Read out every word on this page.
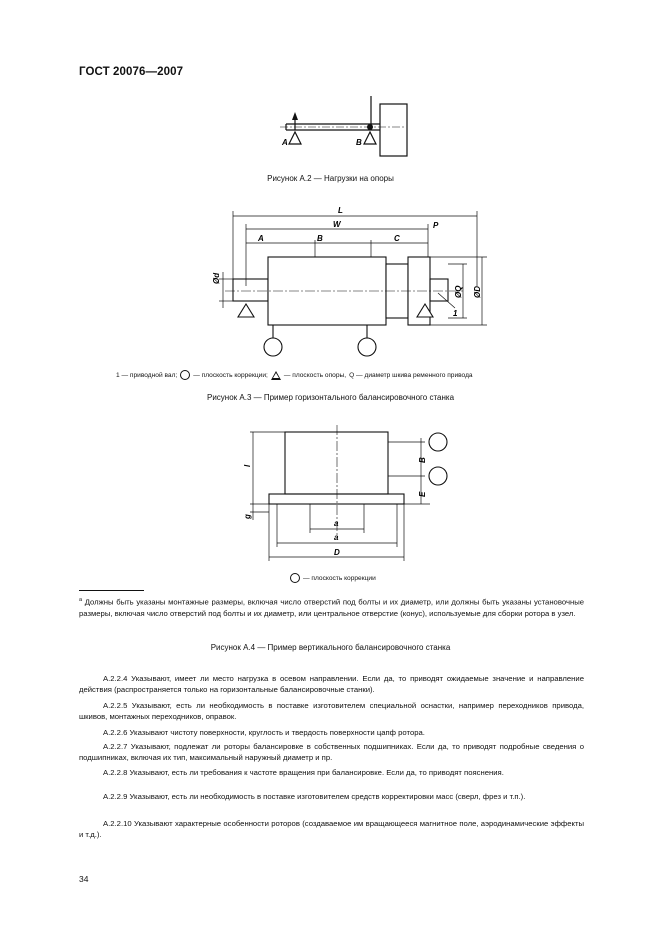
ГОСТ 20076—2007
A	B
Рисунок А.2 — Нагрузки на опоры
L
W
A	B	C
P
1
Ød
ØQ ØD
1 — приводной вал; — плоскость коррекции; — плоскость опоры, Q — диаметр шкива ременного привода
Рисунок А.3 — Пример горизонтального балансировочного станка
l
B
E
g
a
a
D
— плоскость коррекции
$^а$ Должны быть указаны монтажные размеры, включая число отверстий под болты и их диаметр, или должны быть указаны установочные размеры, включая число отверстий под болты и их диаметр, или центральное отверстие (конус), используемые для сборки ротора в узел.
Рисунок А.4 — Пример вертикального балансировочного станка
А.2.2.4 Указывают, имеет ли место нагрузка в осевом направлении. Если да, то приводят ожидаемые значение и направление действия (распространяется только на горизонтальные балансировочные станки).
А.2.2.5 Указывают, есть ли необходимость в поставке изготовителем специальной оснастки, например переходников привода, шкивов, монтажных переходников, оправок.
А.2.2.6 Указывают чистоту поверхности, круглость и твердость поверхности цапф ротора.
А.2.2.7 Указывают, подлежат ли роторы балансировке в собственных подшипниках. Если да, то приводят подробные сведения о подшипниках, включая их тип, максимальный наружный диаметр и пр.
А.2.2.8 Указывают, есть ли требования к частоте вращения при балансировке. Если да, то приводят пояснения.
А.2.2.9 Указывают, есть ли необходимость в поставке изготовителем средств корректировки масс (сверл, фрез и т.п.).
А.2.2.10 Указывают характерные особенности роторов (создаваемое им вращающееся магнитное поле, аэродинамические эффекты и т.д.).
34
